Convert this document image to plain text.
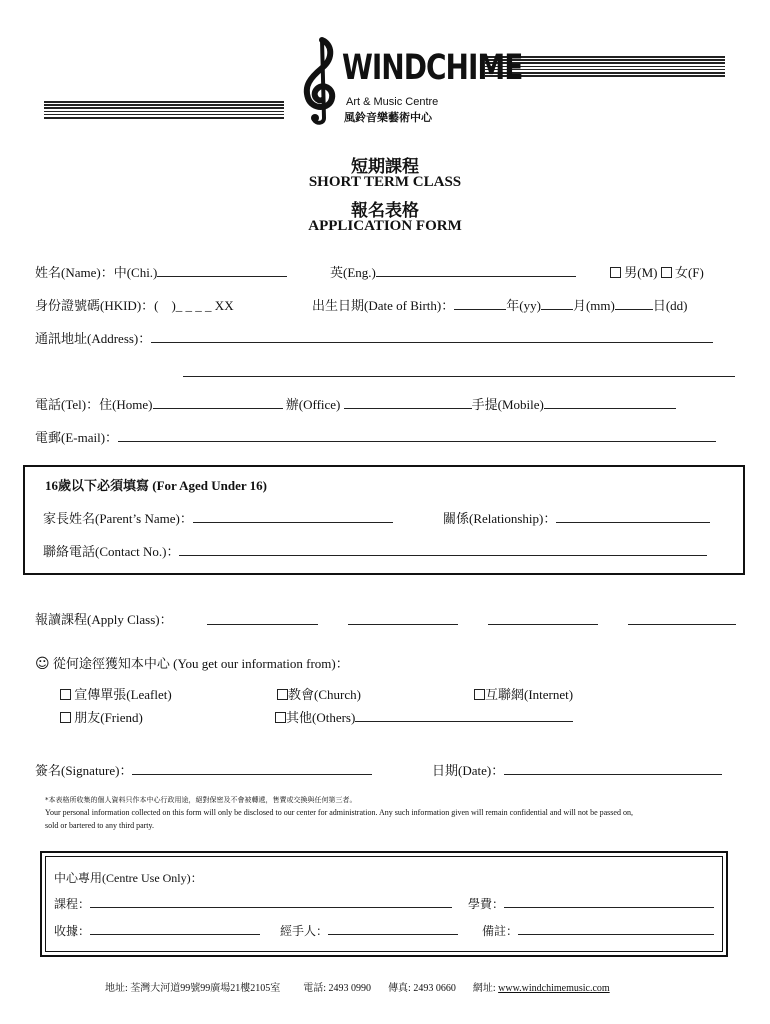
WINDCHIME
Art & Music Centre
風鈴音樂藝術中心
短期課程
SHORT TERM CLASS
報名表格
APPLICATION FORM
姓名(Name)：中(Chi.)	英(Eng.)	男(M) 女(F)
身份證號碼(HKID)：(　)_ _ _ _ XX	出生日期(Date of Birth)：	年(yy) 月(mm)	日(dd)
通訊地址(Address)：
電話(Tel)：住(Home)	辦(Office)	手提(Mobile)
電郵(E-mail)：
16歲以下必須填寫 (For Aged Under 16)
家長姓名(Parent’s Name)：	關係(Relationship)：
聯絡電話(Contact No.)：
報讀課程(Apply Class)：
☺ 從何途徑獲知本中心 (You get our information from)：
宣傳單張(Leaflet)	教會(Church)	互聯網(Internet)
朋友(Friend)	其他(Others)
簽名(Signature)：	日期(Date)：
*本表格所收集的個人資料只作本中心行政用途，絕對保密及不會被轉遞，售賣或交換與任何第三者。
Your personal information collected on this form will only be disclosed to our center for administration. Any such information given will remain confidential and will not be passed on,
sold or bartered to any third party.
中心專用(Centre Use Only)：
課程：	學費：
收據：	經手人：	備註：
地址: 荃灣大河道99號99廣場21樓2105室 電話: 2493 0990 傳真: 2493 0660 網址: www.windchimemusic.com
